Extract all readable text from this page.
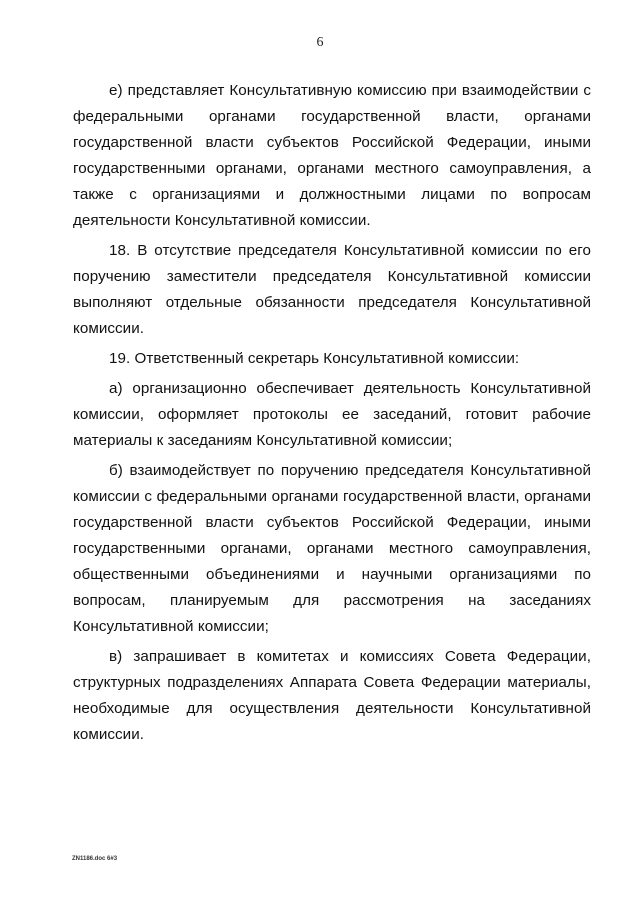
6

е) представляет Консультативную комиссию при взаимодействии с федеральными органами государственной власти, органами государственной власти субъектов Российской Федерации, иными государственными органами, органами местного самоуправления, а также с организациями и должностными лицами по вопросам деятельности Консультативной комиссии.

18. В отсутствие председателя Консультативной комиссии по его поручению заместители председателя Консультативной комиссии выполняют отдельные обязанности председателя Консультативной комиссии.

19. Ответственный секретарь Консультативной комиссии:

а) организационно обеспечивает деятельность Консультативной комиссии, оформляет протоколы ее заседаний, готовит рабочие материалы к заседаниям Консультативной комиссии;

б) взаимодействует по поручению председателя Консультативной комиссии с федеральными органами государственной власти, органами государственной власти субъектов Российской Федерации, иными государственными органами, органами местного самоуправления, общественными объединениями и научными организациями по вопросам, планируемым для рассмотрения на заседаниях Консультативной комиссии;

в) запрашивает в комитетах и комиссиях Совета Федерации, структурных подразделениях Аппарата Совета Федерации материалы, необходимые для осуществления деятельности Консультативной комиссии.

ZN1186.doc 6#3
